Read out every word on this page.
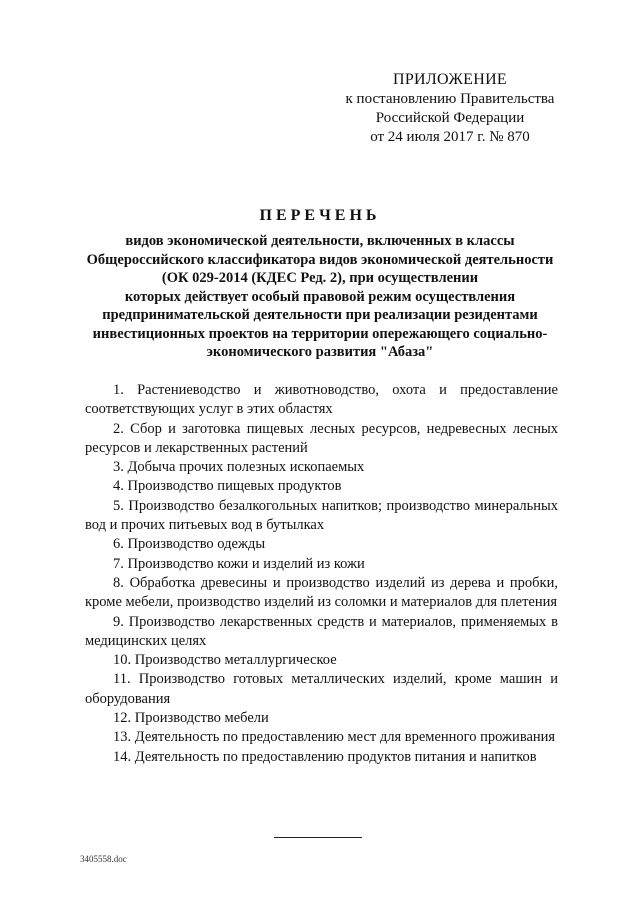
ПРИЛОЖЕНИЕ
к постановлению Правительства
Российской Федерации
от 24 июля 2017 г. № 870
ПЕРЕЧЕНЬ
видов экономической деятельности, включенных в классы
Общероссийского классификатора видов экономической деятельности
(ОК 029-2014 (КДЕС Ред. 2), при осуществлении
которых действует особый правовой режим осуществления
предпринимательской деятельности при реализации резидентами
инвестиционных проектов на территории опережающего социально-
экономического развития "Абаза"

1. Растениеводство и животноводство, охота и предоставление соответствующих услуг в этих областях

2. Сбор и заготовка пищевых лесных ресурсов, недревесных лесных ресурсов и лекарственных растений

3. Добыча прочих полезных ископаемых

4. Производство пищевых продуктов

5. Производство безалкогольных напитков; производство минеральных вод и прочих питьевых вод в бутылках

6. Производство одежды

7. Производство кожи и изделий из кожи

8. Обработка древесины и производство изделий из дерева и пробки, кроме мебели, производство изделий из соломки и материалов для плетения

9. Производство лекарственных средств и материалов, применяемых в медицинских целях

10. Производство металлургическое

11. Производство готовых металлических изделий, кроме машин и оборудования

12. Производство мебели

13. Деятельность по предоставлению мест для временного проживания

14. Деятельность по предоставлению продуктов питания и напитков

3405558.doc
